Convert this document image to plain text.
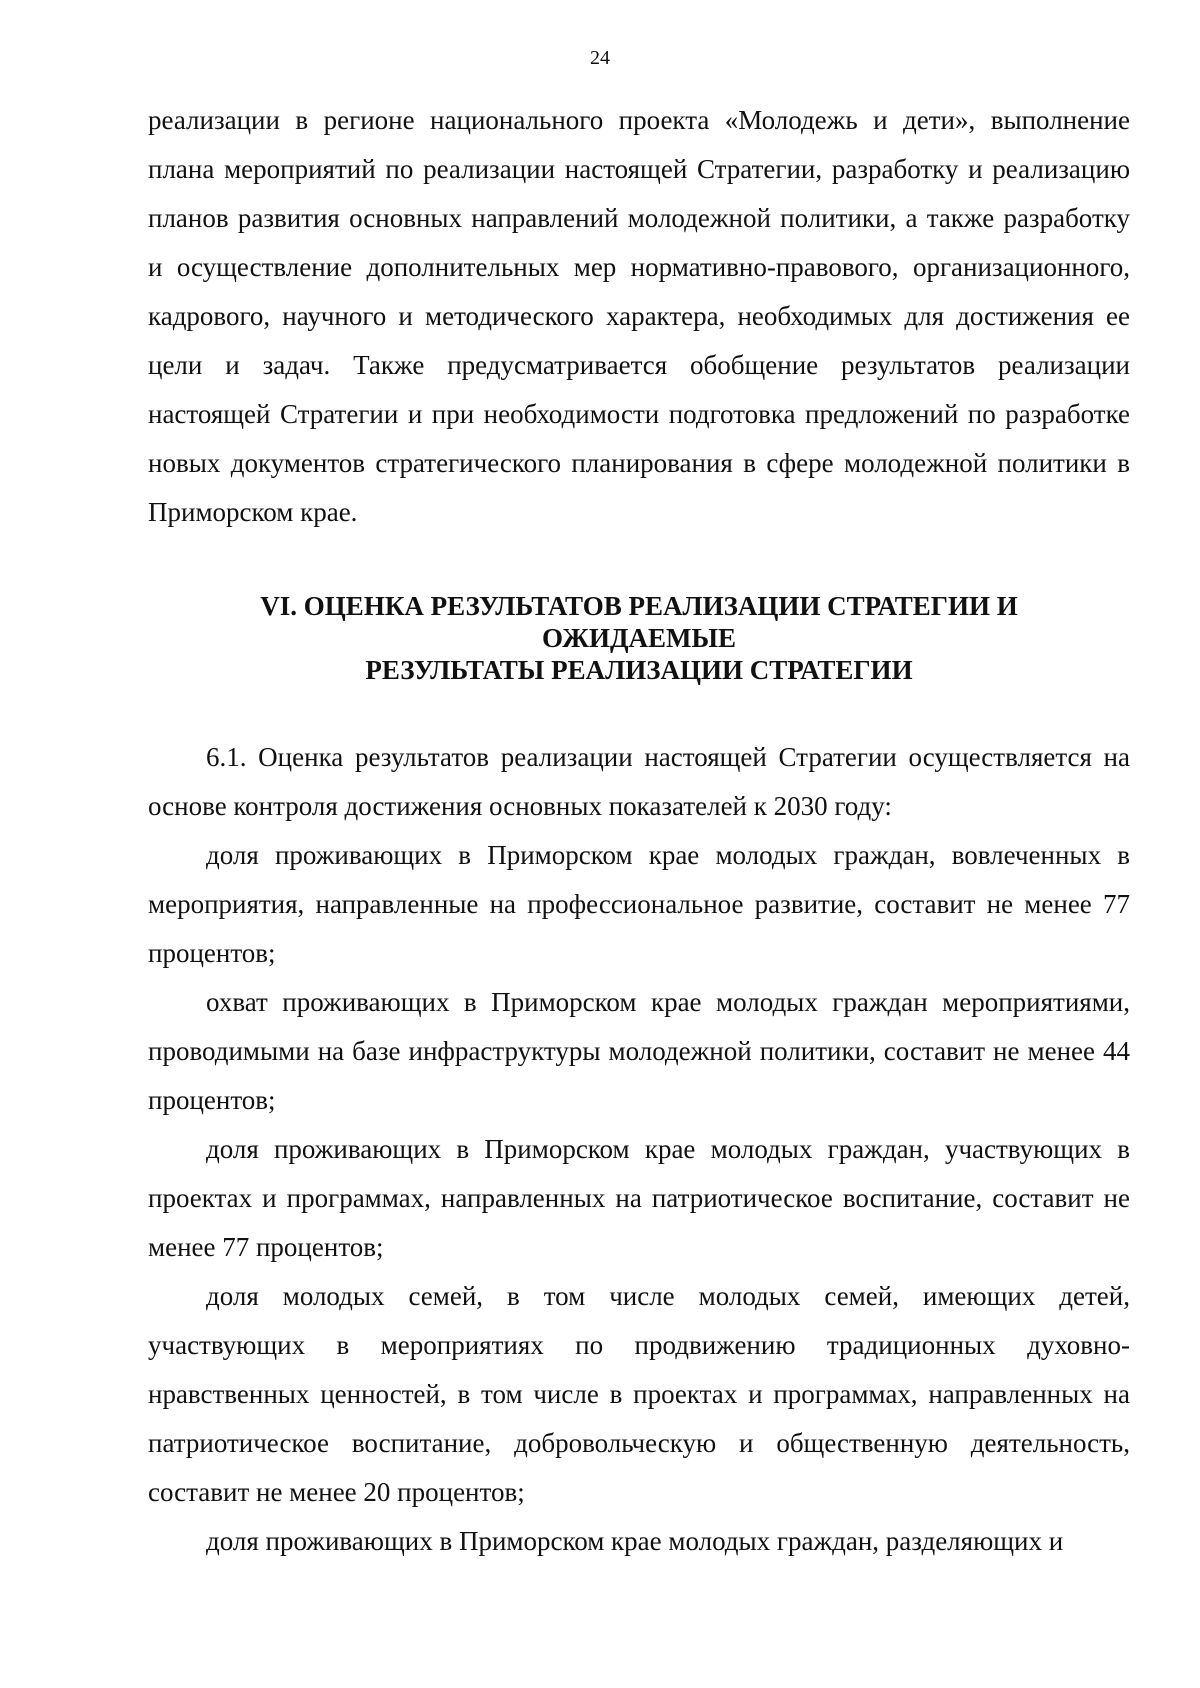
24

реализации в регионе национального проекта «Молодежь и дети», выполнение плана мероприятий по реализации настоящей Стратегии, разработку и реализацию планов развития основных направлений молодежной политики, а также разработку и осуществление дополнительных мер нормативно-правового, организационного, кадрового, научного и методического характера, необходимых для достижения ее цели и задач. Также предусматривается обобщение результатов реализации настоящей Стратегии и при необходимости подготовка предложений по разработке новых документов стратегического планирования в сфере молодежной политики в Приморском крае.

VI. ОЦЕНКА РЕЗУЛЬТАТОВ РЕАЛИЗАЦИИ СТРАТЕГИИ И
ОЖИДАЕМЫЕ
РЕЗУЛЬТАТЫ РЕАЛИЗАЦИИ СТРАТЕГИИ

6.1. Оценка результатов реализации настоящей Стратегии осуществляется на основе контроля достижения основных показателей к 2030 году:

доля проживающих в Приморском крае молодых граждан, вовлеченных в мероприятия, направленные на профессиональное развитие, составит не менее 77 процентов;

охват проживающих в Приморском крае молодых граждан мероприятиями, проводимыми на базе инфраструктуры молодежной политики, составит не менее 44 процентов;

доля проживающих в Приморском крае молодых граждан, участвующих в проектах и программах, направленных на патриотическое воспитание, составит не менее 77 процентов;

доля молодых семей, в том числе молодых семей, имеющих детей, участвующих в мероприятиях по продвижению традиционных духовно-нравственных ценностей, в том числе в проектах и программах, направленных на патриотическое воспитание, добровольческую и общественную деятельность, составит не менее 20 процентов;

доля проживающих в Приморском крае молодых граждан, разделяющих и
